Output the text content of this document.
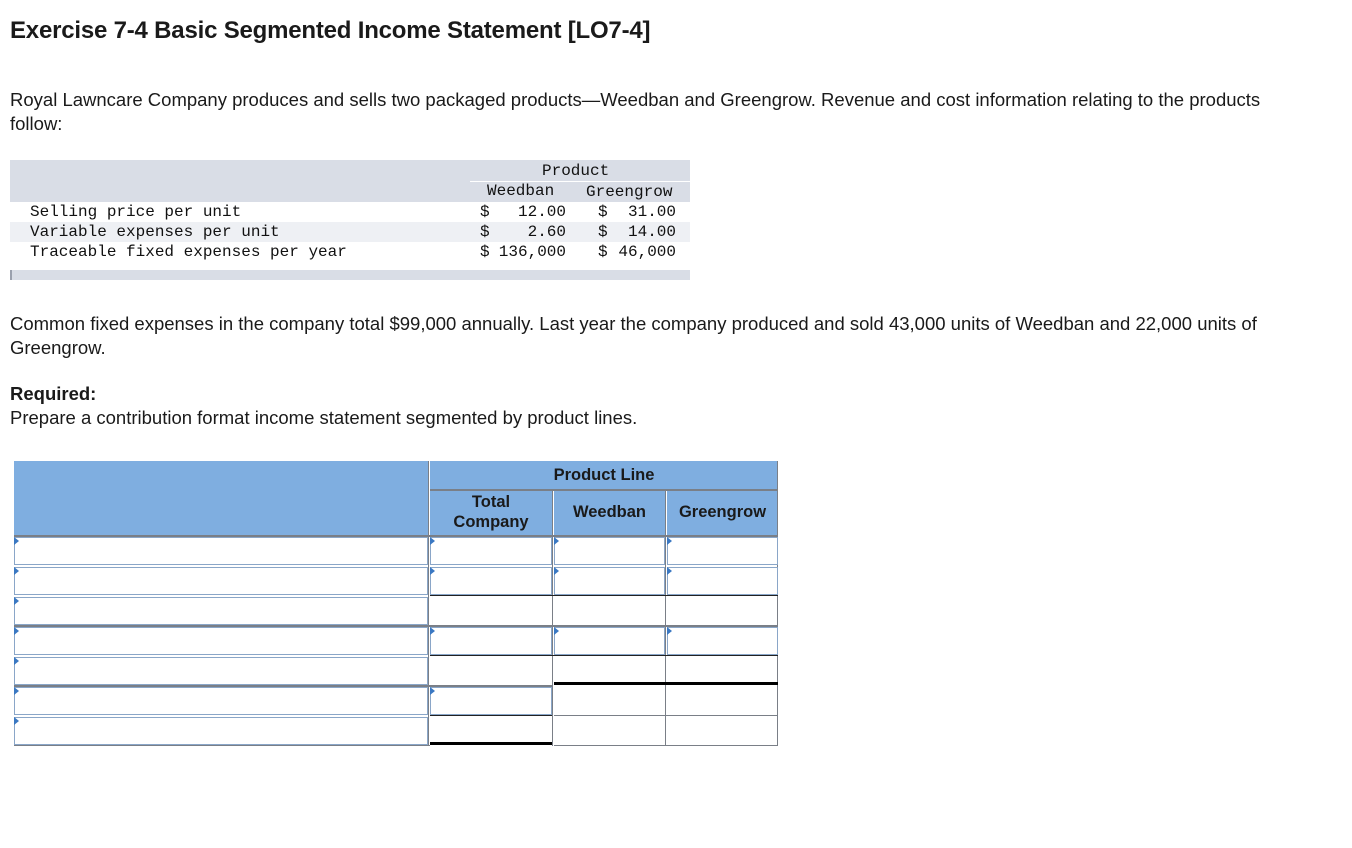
Exercise 7-4 Basic Segmented Income Statement [LO7-4]
Royal Lawncare Company produces and sells two packaged products—Weedban and Greengrow. Revenue and cost information relating to the products follow:
Product
Weedban Greengrow
Selling price per unit	$	12.00 $	31.00
Variable expenses per unit	$	2.60 $	14.00
Traceable fixed expenses per year	$ 136,000 $ 46,000
Common fixed expenses in the company total $99,000 annually. Last year the company produced and sold 43,000 units of Weedban and 22,000 units of Greengrow.
Required:
Prepare a contribution format income statement segmented by product lines.
Product Line
Total
Company
Weedban	Greengrow
